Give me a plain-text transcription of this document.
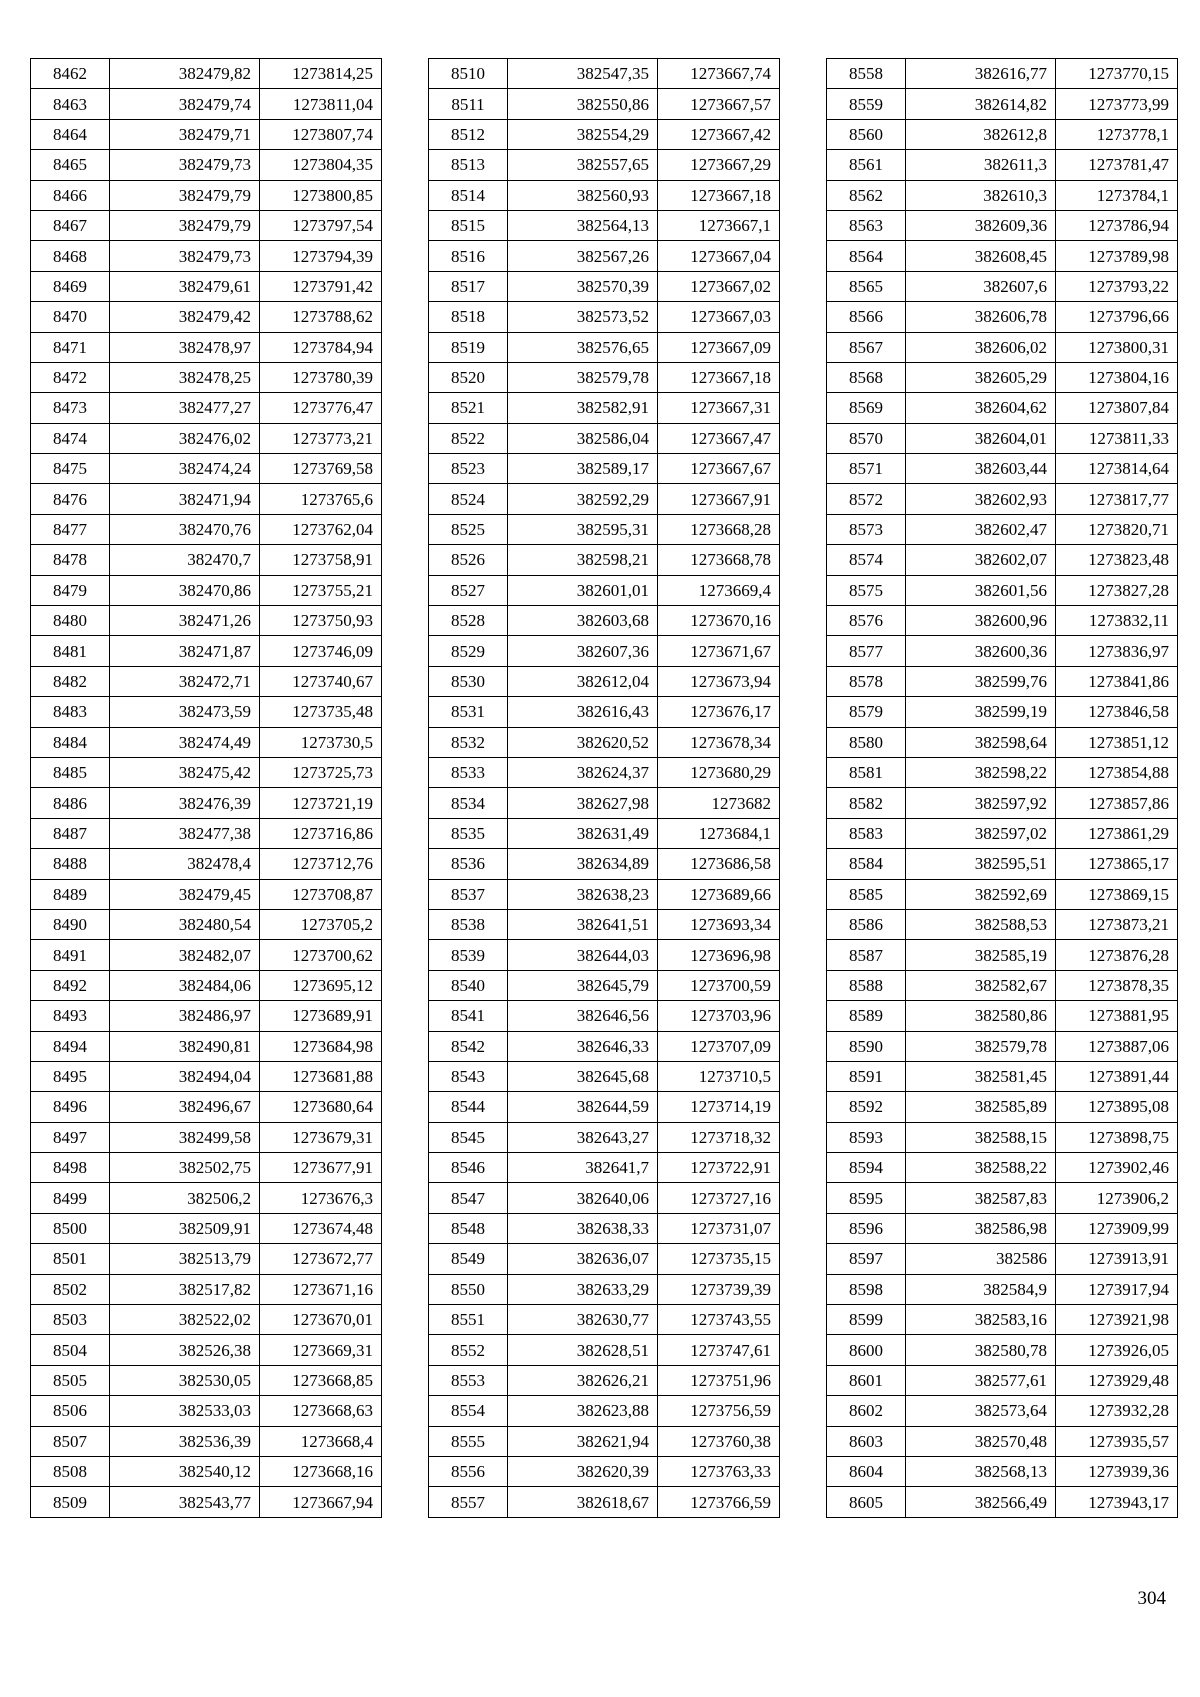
8462	382479,82	1273814,25
8463	382479,74	1273811,04
8464	382479,71	1273807,74
8465	382479,73	1273804,35
8466	382479,79	1273800,85
8467	382479,79	1273797,54
8468	382479,73	1273794,39
8469	382479,61	1273791,42
8470	382479,42	1273788,62
8471	382478,97	1273784,94
8472	382478,25	1273780,39
8473	382477,27	1273776,47
8474	382476,02	1273773,21
8475	382474,24	1273769,58
8476	382471,94	1273765,6
8477	382470,76	1273762,04
8478	382470,7	1273758,91
8479	382470,86	1273755,21
8480	382471,26	1273750,93
8481	382471,87	1273746,09
8482	382472,71	1273740,67
8483	382473,59	1273735,48
8484	382474,49	1273730,5
8485	382475,42	1273725,73
8486	382476,39	1273721,19
8487	382477,38	1273716,86
8488	382478,4	1273712,76
8489	382479,45	1273708,87
8490	382480,54	1273705,2
8491	382482,07	1273700,62
8492	382484,06	1273695,12
8493	382486,97	1273689,91
8494	382490,81	1273684,98
8495	382494,04	1273681,88
8496	382496,67	1273680,64
8497	382499,58	1273679,31
8498	382502,75	1273677,91
8499	382506,2	1273676,3
8500	382509,91	1273674,48
8501	382513,79	1273672,77
8502	382517,82	1273671,16
8503	382522,02	1273670,01
8504	382526,38	1273669,31
8505	382530,05	1273668,85
8506	382533,03	1273668,63
8507	382536,39	1273668,4
8508	382540,12	1273668,16
8509	382543,77	1273667,94
8510	382547,35	1273667,74
8511	382550,86	1273667,57
8512	382554,29	1273667,42
8513	382557,65	1273667,29
8514	382560,93	1273667,18
8515	382564,13	1273667,1
8516	382567,26	1273667,04
8517	382570,39	1273667,02
8518	382573,52	1273667,03
8519	382576,65	1273667,09
8520	382579,78	1273667,18
8521	382582,91	1273667,31
8522	382586,04	1273667,47
8523	382589,17	1273667,67
8524	382592,29	1273667,91
8525	382595,31	1273668,28
8526	382598,21	1273668,78
8527	382601,01	1273669,4
8528	382603,68	1273670,16
8529	382607,36	1273671,67
8530	382612,04	1273673,94
8531	382616,43	1273676,17
8532	382620,52	1273678,34
8533	382624,37	1273680,29
8534	382627,98	1273682
8535	382631,49	1273684,1
8536	382634,89	1273686,58
8537	382638,23	1273689,66
8538	382641,51	1273693,34
8539	382644,03	1273696,98
8540	382645,79	1273700,59
8541	382646,56	1273703,96
8542	382646,33	1273707,09
8543	382645,68	1273710,5
8544	382644,59	1273714,19
8545	382643,27	1273718,32
8546	382641,7	1273722,91
8547	382640,06	1273727,16
8548	382638,33	1273731,07
8549	382636,07	1273735,15
8550	382633,29	1273739,39
8551	382630,77	1273743,55
8552	382628,51	1273747,61
8553	382626,21	1273751,96
8554	382623,88	1273756,59
8555	382621,94	1273760,38
8556	382620,39	1273763,33
8557	382618,67	1273766,59
8558	382616,77	1273770,15
8559	382614,82	1273773,99
8560	382612,8	1273778,1
8561	382611,3	1273781,47
8562	382610,3	1273784,1
8563	382609,36	1273786,94
8564	382608,45	1273789,98
8565	382607,6	1273793,22
8566	382606,78	1273796,66
8567	382606,02	1273800,31
8568	382605,29	1273804,16
8569	382604,62	1273807,84
8570	382604,01	1273811,33
8571	382603,44	1273814,64
8572	382602,93	1273817,77
8573	382602,47	1273820,71
8574	382602,07	1273823,48
8575	382601,56	1273827,28
8576	382600,96	1273832,11
8577	382600,36	1273836,97
8578	382599,76	1273841,86
8579	382599,19	1273846,58
8580	382598,64	1273851,12
8581	382598,22	1273854,88
8582	382597,92	1273857,86
8583	382597,02	1273861,29
8584	382595,51	1273865,17
8585	382592,69	1273869,15
8586	382588,53	1273873,21
8587	382585,19	1273876,28
8588	382582,67	1273878,35
8589	382580,86	1273881,95
8590	382579,78	1273887,06
8591	382581,45	1273891,44
8592	382585,89	1273895,08
8593	382588,15	1273898,75
8594	382588,22	1273902,46
8595	382587,83	1273906,2
8596	382586,98	1273909,99
8597	382586	1273913,91
8598	382584,9	1273917,94
8599	382583,16	1273921,98
8600	382580,78	1273926,05
8601	382577,61	1273929,48
8602	382573,64	1273932,28
8603	382570,48	1273935,57
8604	382568,13	1273939,36
8605	382566,49	1273943,17
304
